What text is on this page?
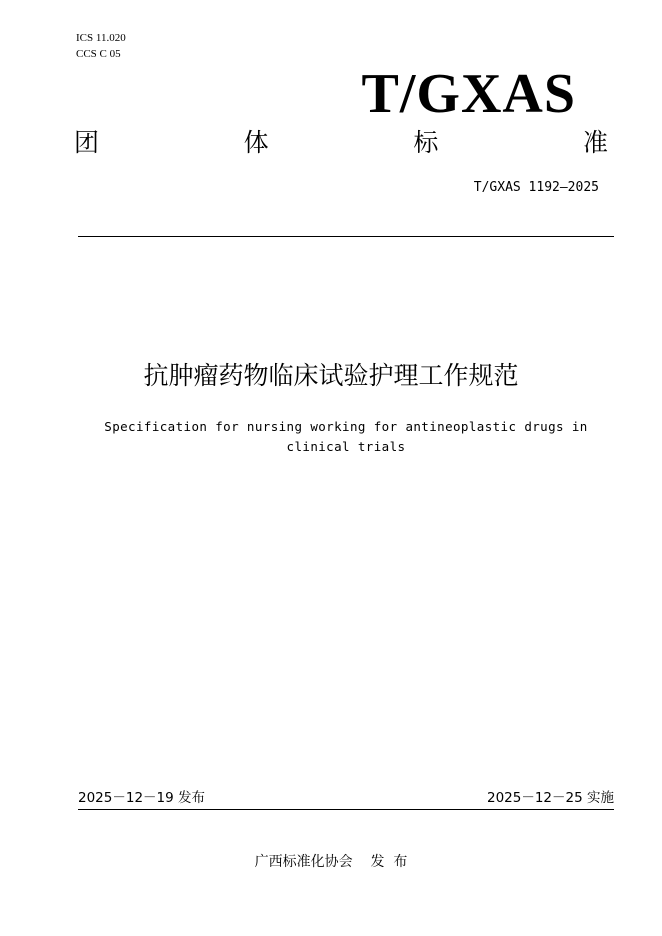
ICS 11.020
CCS C 05
T/GXAS
团	体	标	准
T/GXAS 1192—2025
抗肿瘤药物临床试验护理工作规范
Specification for nursing working for antineoplastic drugs in clinical trials
2025－12－19 发布	2025－12－25 实施
广西标准化协会    发  布
